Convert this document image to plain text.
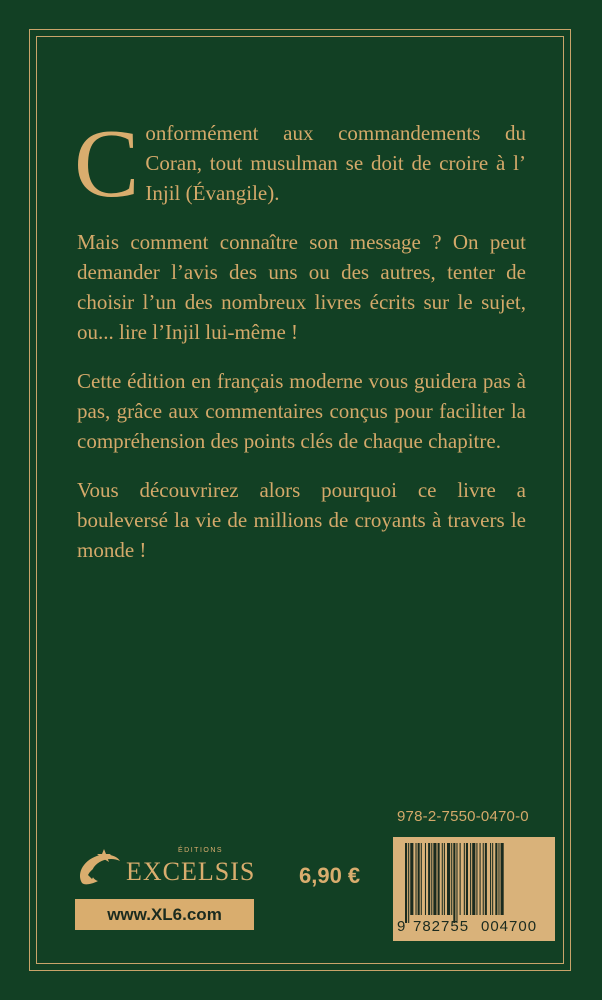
Conformément aux commandements du Coran, tout musulman se doit de croire à l’ Injil (Évangile).

Mais comment connaître son message ? On peut demander l’avis des uns ou des autres, tenter de choisir l’un des nombreux livres écrits sur le sujet, ou... lire l’Injil lui-même !

Cette édition en français moderne vous guidera pas à pas, grâce aux commentaires conçus pour faciliter la compréhension des points clés de chaque chapitre.

Vous découvrirez alors pourquoi ce livre a bouleversé la vie de millions de croyants à travers le monde !

978-2-7550-0470-0
9 782755 004700
6,90 €
ÉDITIONS
EXCELSIS
www.XL6.com
